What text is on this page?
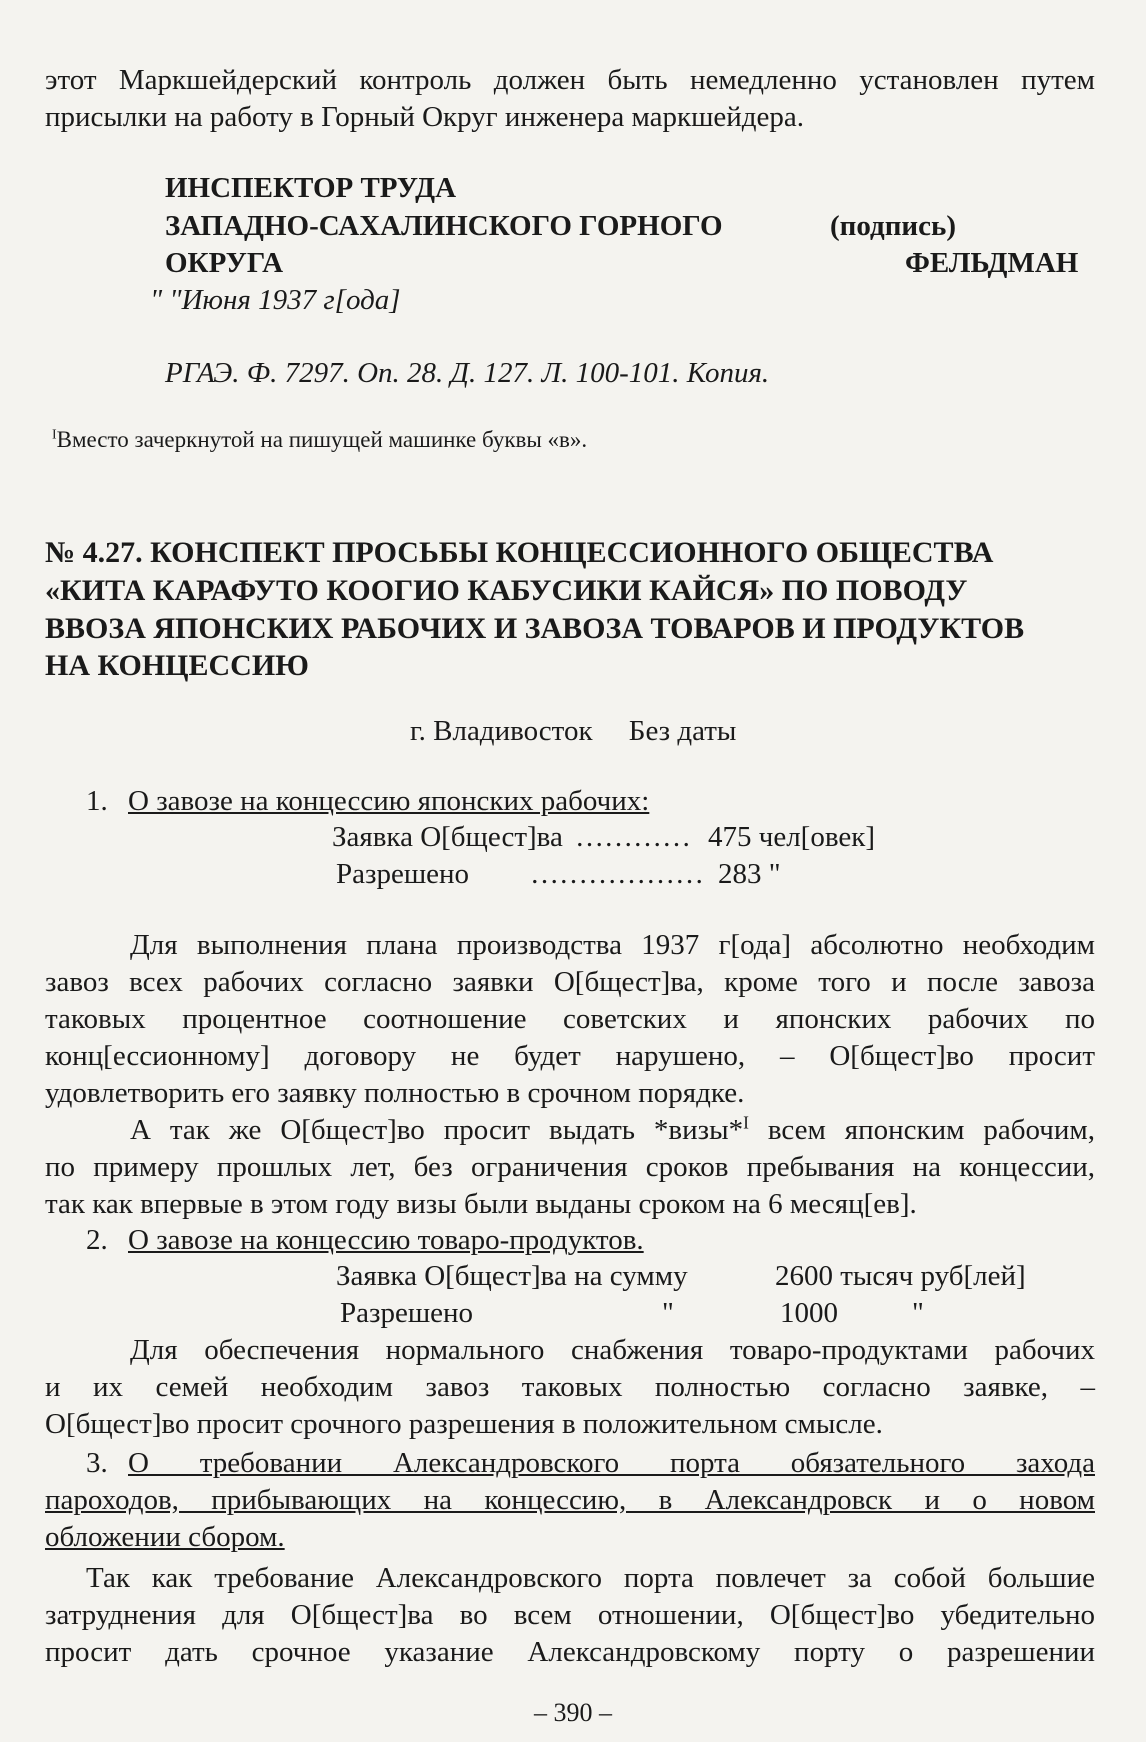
этот Маркшейдерский контроль должен быть немедленно установлен путем
присылки на работу в Горный Округ инженера маркшейдера.
ИНСПЕКТОР ТРУДА
ЗАПАДНО-САХАЛИНСКОГО ГОРНОГО	(подпись)
ОКРУГА	ФЕЛЬДМАН
" "Июня 1937 г[ода]
РГАЭ. Ф. 7297. Оп. 28. Д. 127. Л. 100-101. Копия.
$^I$Вместо зачеркнутой на пишущей машинке буквы «в».
№ 4.27. КОНСПЕКТ ПРОСЬБЫ КОНЦЕССИОННОГО ОБЩЕСТВА
«КИТА КАРАФУТО КООГИО КАБУСИКИ КАЙСЯ» ПО ПОВОДУ
ВВОЗА ЯПОНСКИХ РАБОЧИХ И ЗАВОЗА ТОВАРОВ И ПРОДУКТОВ
НА КОНЦЕССИЮ
г. Владивосток     Без даты
1. О завозе на концессию японских рабочих:
Заявка О[бщест]ва ………… 475 чел[овек]
Разрешено ……………… 283 "
Для выполнения плана производства 1937 г[ода] абсолютно необходим
завоз всех рабочих согласно заявки О[бщест]ва, кроме того и после завоза
таковых процентное соотношение советских и японских рабочих по
конц[ессионному] договору не будет нарушено, – О[бщест]во просит
удовлетворить его заявку полностью в срочном порядке.
А так же О[бщест]во просит выдать *визы*$^I$ всем японским рабочим,
по примеру прошлых лет, без ограничения сроков пребывания на концессии,
так как впервые в этом году визы были выданы сроком на 6 месяц[ев].
2. О завозе на концессию товаро-продуктов.
Заявка О[бщест]ва на сумму	2600 тысяч руб[лей]
Разрешено	"	1000	"
Для обеспечения нормального снабжения товаро-продуктами рабочих
и их семей необходим завоз таковых полностью согласно заявке, –
О[бщест]во просит срочного разрешения в положительном смысле.
3. О требовании Александровского порта обязательного захода
пароходов, прибывающих на концессию, в Александровск и о новом
обложении сбором.
Так как требование Александровского порта повлечет за собой большие
затруднения для О[бщест]ва во всем отношении, О[бщест]во убедительно
просит дать срочное указание Александровскому порту о разрешении
– 390 –
